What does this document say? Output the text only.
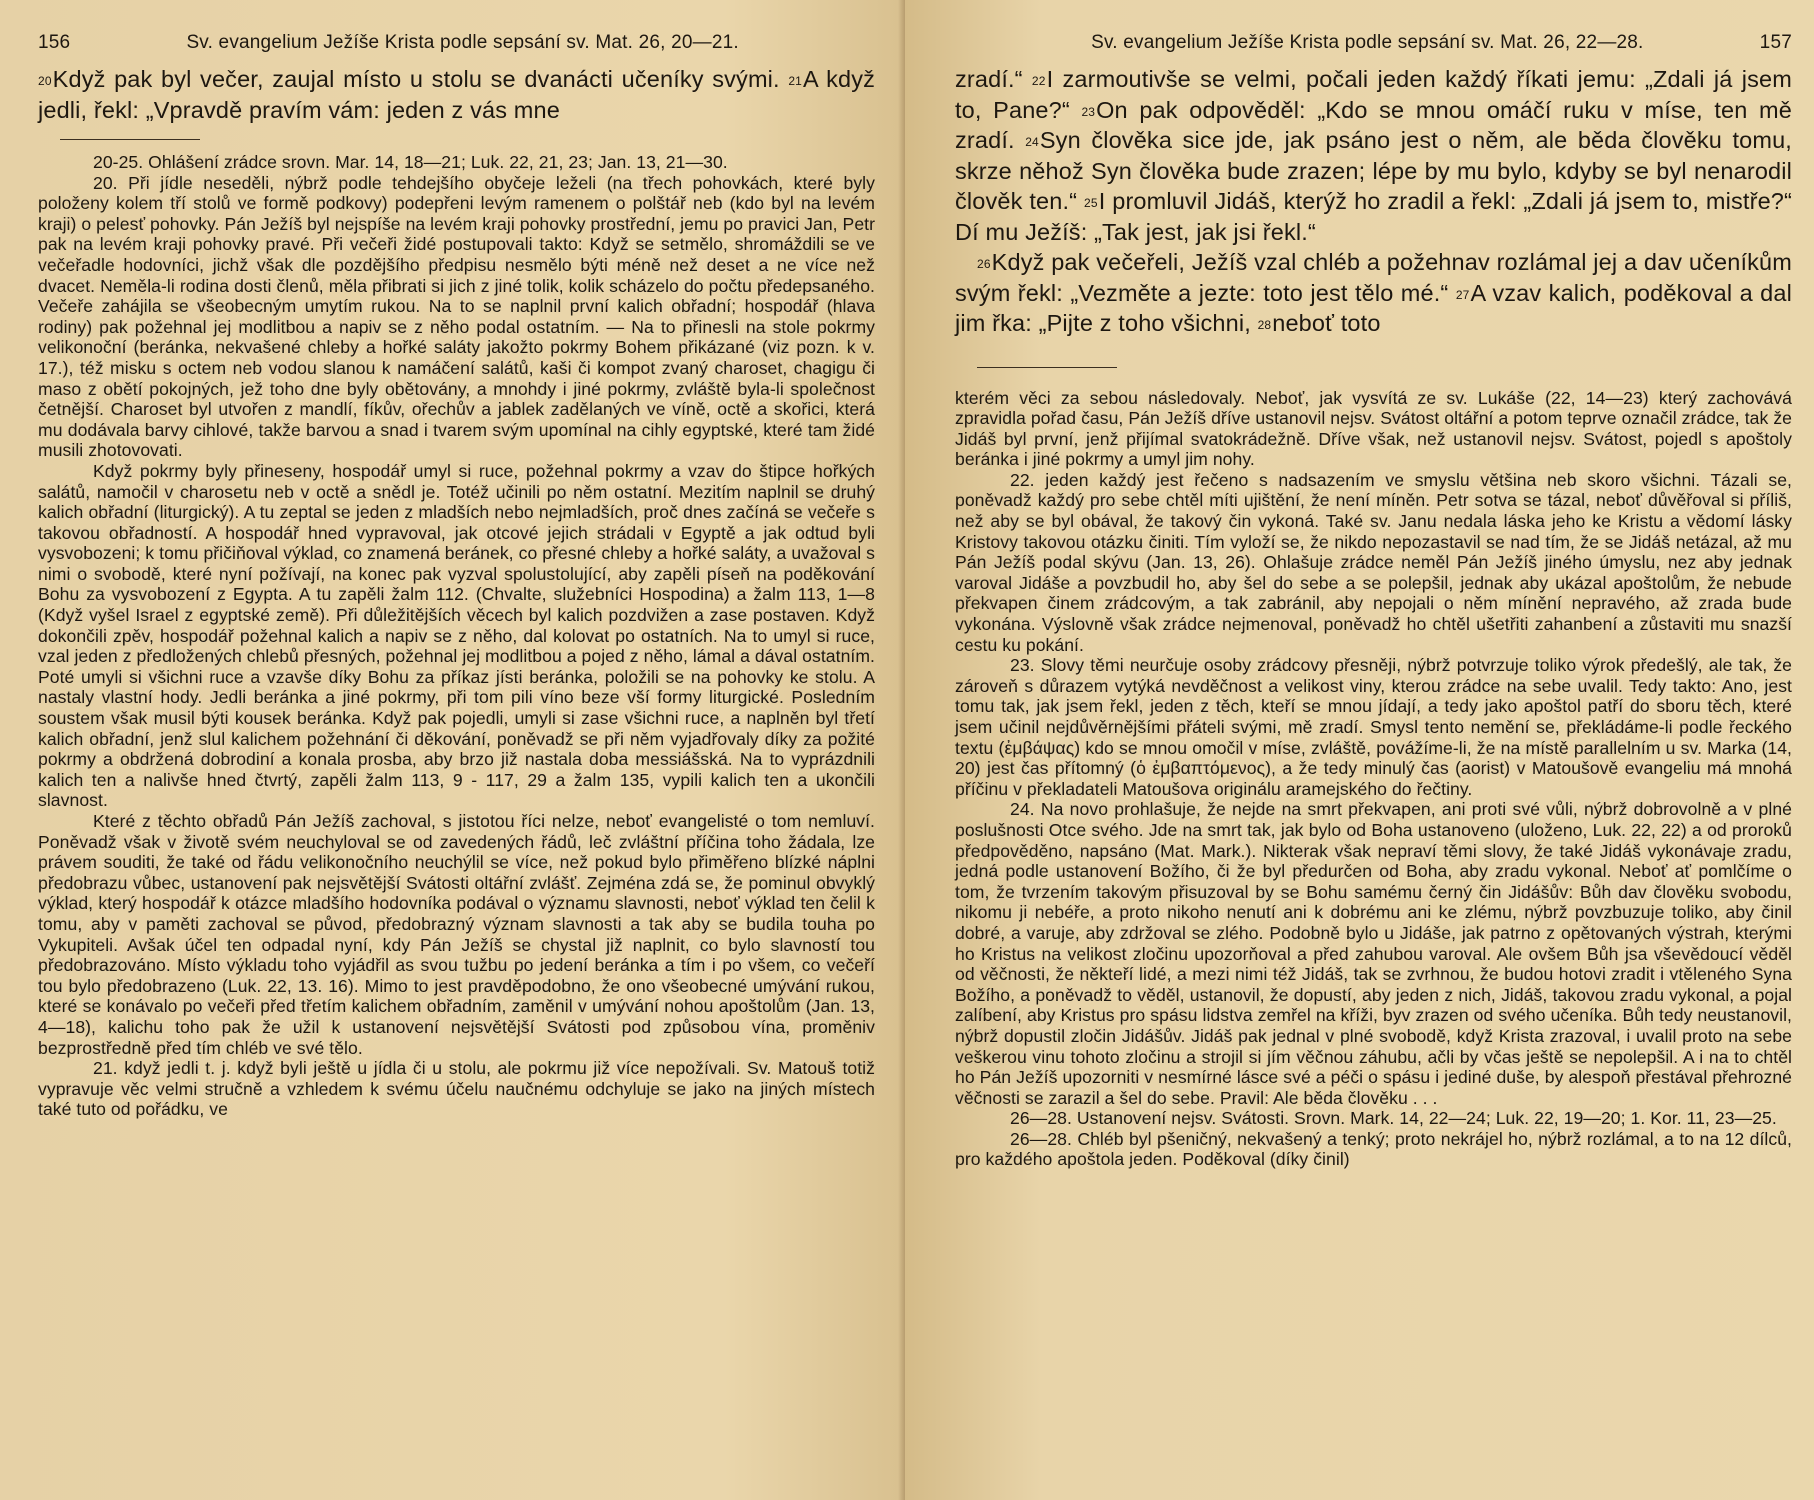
156	Sv. evangelium Ježíše Krista podle sepsání sv. Mat. 26, 20—21.

$^{20}$Když pak byl večer, zaujal místo u stolu se dvanácti učeníky svými. $^{21}$A když jedli, řekl: „Vpravdě pravím vám: jeden z vás mne

20-25. Ohlášení zrádce srovn. Mar. 14, 18—21; Luk. 22, 21, 23; Jan. 13, 21—30.

20. Při jídle neseděli, nýbrž podle tehdejšího obyčeje leželi (na třech pohovkách, které byly položeny kolem tří stolů ve formě podkovy) podepřeni levým ramenem o polštář neb (kdo byl na levém kraji) o pelesť pohovky. Pán Ježíš byl nejspíše na levém kraji pohovky prostřední, jemu po pravici Jan, Petr pak na levém kraji pohovky pravé. Při večeři židé postupovali takto: Když se setmělo, shromáždili se ve večeřadle hodovníci, jichž však dle pozdějšího předpisu nesmělo býti méně než deset a ne více než dvacet. Neměla-li rodina dosti členů, měla přibrati si jich z jiné tolik, kolik scházelo do počtu předepsaného. Večeře zahájila se všeobecným umytím rukou. Na to se naplnil první kalich obřadní; hospodář (hlava rodiny) pak požehnal jej modlitbou a napiv se z něho podal ostatním. — Na to přinesli na stole pokrmy velikonoční (beránka, nekvašené chleby a hořké saláty jakožto pokrmy Bohem přikázané (viz pozn. k v. 17.), též misku s octem neb vodou slanou k namáčení salátů, kaši či kompot zvaný charoset, chagigu či maso z obětí pokojných, jež toho dne byly obětovány, a mnohdy i jiné pokrmy, zvláště byla-li společnost četnější. Charoset byl utvořen z mandlí, fíkův, ořechův a jablek zadělaných ve víně, octě a skořici, která mu dodávala barvy cihlové, takže barvou a snad i tvarem svým upomínal na cihly egyptské, které tam židé musili zhotovovati.

Když pokrmy byly přineseny, hospodář umyl si ruce, požehnal pokrmy a vzav do štipce hořkých salátů, namočil v charosetu neb v octě a snědl je. Totéž učinili po něm ostatní. Mezitím naplnil se druhý kalich obřadní (liturgický). A tu zeptal se jeden z mladších nebo nejmladších, proč dnes začíná se večeře s takovou obřadností. A hospodář hned vypravoval, jak otcové jejich strádali v Egyptě a jak odtud byli vysvobozeni; k tomu přičiňoval výklad, co znamená beránek, co přesné chleby a hořké saláty, a uvažoval s nimi o svobodě, které nyní požívají, na konec pak vyzval spolustolující, aby zapěli píseň na poděkování Bohu za vysvobození z Egypta. A tu zapěli žalm 112. (Chvalte, služebníci Hospodina) a žalm 113, 1—8 (Když vyšel Israel z egyptské země). Při důležitějších věcech byl kalich pozdvižen a zase postaven. Když dokončili zpěv, hospodář požehnal kalich a napiv se z něho, dal kolovat po ostatních. Na to umyl si ruce, vzal jeden z předložených chlebů přesných, požehnal jej modlitbou a pojed z něho, lámal a dával ostatním. Poté umyli si všichni ruce a vzavše díky Bohu za příkaz jísti beránka, položili se na pohovky ke stolu. A nastaly vlastní hody. Jedli beránka a jiné pokrmy, při tom pili víno beze vší formy liturgické. Posledním soustem však musil býti kousek beránka. Když pak pojedli, umyli si zase všichni ruce, a naplněn byl třetí kalich obřadní, jenž slul kalichem požehnání či děkování, poněvadž se při něm vyjadřovaly díky za požité pokrmy a obdržená dobrodiní a konala prosba, aby brzo již nastala doba messiášská. Na to vyprázdnili kalich ten a nalivše hned čtvrtý, zapěli žalm 113, 9 - 117, 29 a žalm 135, vypili kalich ten a ukončili slavnost.

Které z těchto obřadů Pán Ježíš zachoval, s jistotou říci nelze, neboť evangelisté o tom nemluví. Poněvadž však v životě svém neuchyloval se od zavedených řádů, leč zvláštní příčina toho žádala, lze právem souditi, že také od řádu velikonočního neuchýlil se více, než pokud bylo přiměřeno blízké náplni předobrazu vůbec, ustanovení pak nejsvětější Svátosti oltářní zvlášť. Zejména zdá se, že pominul obvyklý výklad, který hospodář k otázce mladšího hodovníka podával o významu slavnosti, neboť výklad ten čelil k tomu, aby v paměti zachoval se původ, předobrazný význam slavnosti a tak aby se budila touha po Vykupiteli. Avšak účel ten odpadal nyní, kdy Pán Ježíš se chystal již naplnit, co bylo slavností tou předobrazováno. Místo výkladu toho vyjádřil as svou tužbu po jedení beránka a tím i po všem, co večeří tou bylo předobrazeno (Luk. 22, 13. 16). Mimo to jest pravděpodobno, že ono všeobecné umývání rukou, které se konávalo po večeři před třetím kalichem obřadním, zaměnil v umývání nohou apoštolům (Jan. 13, 4—18), kalichu toho pak že užil k ustanovení nejsvětější Svátosti pod způsobou vína, proměniv bezprostředně před tím chléb ve své tělo.

21. když jedli t. j. když byli ještě u jídla či u stolu, ale pokrmu již více nepožívali. Sv. Matouš totiž vypravuje věc velmi stručně a vzhledem k svému účelu naučnému odchyluje se jako na jiných místech také tuto od pořádku, ve

Sv. evangelium Ježíše Krista podle sepsání sv. Mat. 26, 22—28.	157

zradí.“ $^{22}$I zarmoutivše se velmi, počali jeden každý říkati jemu: „Zdali já jsem to, Pane?“ $^{23}$On pak odpověděl: „Kdo se mnou omáčí ruku v míse, ten mě zradí. $^{24}$Syn člověka sice jde, jak psáno jest o něm, ale běda člověku tomu, skrze něhož Syn člověka bude zrazen; lépe by mu bylo, kdyby se byl nenarodil člověk ten.“ $^{25}$I promluvil Jidáš, kterýž ho zradil a řekl: „Zdali já jsem to, mistře?“ Dí mu Ježíš: „Tak jest, jak jsi řekl.“

$^{26}$Když pak večeřeli, Ježíš vzal chléb a požehnav rozlámal jej a dav učeníkům svým řekl: „Vezměte a jezte: toto jest tělo mé.“ $^{27}$A vzav kalich, poděkoval a dal jim řka: „Pijte z toho všichni, $^{28}$neboť toto

kterém věci za sebou následovaly. Neboť, jak vysvítá ze sv. Lukáše (22, 14—23) který zachovává zpravidla pořad času, Pán Ježíš dříve ustanovil nejsv. Svátost oltářní a potom teprve označil zrádce, tak že Jidáš byl první, jenž přijímal svatokrádežně. Dříve však, než ustanovil nejsv. Svátost, pojedl s apoštoly beránka i jiné pokrmy a umyl jim nohy.

22. jeden každý jest řečeno s nadsazením ve smyslu většina neb skoro všichni. Tázali se, poněvadž každý pro sebe chtěl míti ujištění, že není míněn. Petr sotva se tázal, neboť důvěřoval si příliš, než aby se byl obával, že takový čin vykoná. Také sv. Janu nedala láska jeho ke Kristu a vědomí lásky Kristovy takovou otázku činiti. Tím vyloží se, že nikdo nepozastavil se nad tím, že se Jidáš netázal, až mu Pán Ježíš podal skývu (Jan. 13, 26). Ohlašuje zrádce neměl Pán Ježíš jiného úmyslu, nez aby jednak varoval Jidáše a povzbudil ho, aby šel do sebe a se polepšil, jednak aby ukázal apoštolům, že nebude překvapen činem zrádcovým, a tak zabránil, aby nepojali o něm mínění nepravého, až zrada bude vykonána. Výslovně však zrádce nejmenoval, poněvadž ho chtěl ušetřiti zahanbení a zůstaviti mu snazší cestu ku pokání.

23. Slovy těmi neurčuje osoby zrádcovy přesněji, nýbrž potvrzuje toliko výrok předešlý, ale tak, že zároveň s důrazem vytýká nevděčnost a velikost viny, kterou zrádce na sebe uvalil. Tedy takto: Ano, jest tomu tak, jak jsem řekl, jeden z těch, kteří se mnou jídají, a tedy jako apoštol patří do sboru těch, které jsem učinil nejdůvěrnějšími přáteli svými, mě zradí. Smysl tento nemění se, překládáme-li podle řeckého textu (ἐμβάψας) kdo se mnou omočil v míse, zvláště, povážíme-li, že na místě parallelním u sv. Marka (14, 20) jest čas přítomný (ὁ ἐμβαπτόμενος), a že tedy minulý čas (aorist) v Matoušově evangeliu má mnohá příčinu v překladateli Matoušova originálu aramejského do řečtiny.

24. Na novo prohlašuje, že nejde na smrt překvapen, ani proti své vůli, nýbrž dobrovolně a v plné poslušnosti Otce svého. Jde na smrt tak, jak bylo od Boha ustanoveno (uloženo, Luk. 22, 22) a od proroků předpověděno, napsáno (Mat. Mark.). Nikterak však nepraví těmi slovy, že také Jidáš vykonávaje zradu, jedná podle ustanovení Božího, či že byl předurčen od Boha, aby zradu vykonal. Neboť ať pomlčíme o tom, že tvrzením takovým přisuzoval by se Bohu samému černý čin Jidášův: Bůh dav člověku svobodu, nikomu ji nebéře, a proto nikoho nenutí ani k dobrému ani ke zlému, nýbrž povzbuzuje toliko, aby činil dobré, a varuje, aby zdržoval se zlého. Podobně bylo u Jidáše, jak patrno z opětovaných výstrah, kterými ho Kristus na velikost zločinu upozorňoval a před zahubou varoval. Ale ovšem Bůh jsa vševědoucí věděl od věčnosti, že někteří lidé, a mezi nimi též Jidáš, tak se zvrhnou, že budou hotovi zradit i vtěleného Syna Božího, a poněvadž to věděl, ustanovil, že dopustí, aby jeden z nich, Jidáš, takovou zradu vykonal, a pojal zalíbení, aby Kristus pro spásu lidstva zemřel na kříži, byv zrazen od svého učeníka. Bůh tedy neustanovil, nýbrž dopustil zločin Jidášův. Jidáš pak jednal v plné svobodě, když Krista zrazoval, i uvalil proto na sebe veškerou vinu tohoto zločinu a strojil si jím věčnou záhubu, ačli by včas ještě se nepolepšil. A i na to chtěl ho Pán Ježíš upozorniti v nesmírné lásce své a péči o spásu i jediné duše, by alespoň přestával přehrozné věčnosti se zarazil a šel do sebe. Pravil: Ale běda člověku . . .

26—28. Ustanovení nejsv. Svátosti. Srovn. Mark. 14, 22—24; Luk. 22, 19—20; 1. Kor. 11, 23—25.

26—28. Chléb byl pšeničný, nekvašený a tenký; proto nekrájel ho, nýbrž rozlámal, a to na 12 dílců, pro každého apoštola jeden. Poděkoval (díky činil)
